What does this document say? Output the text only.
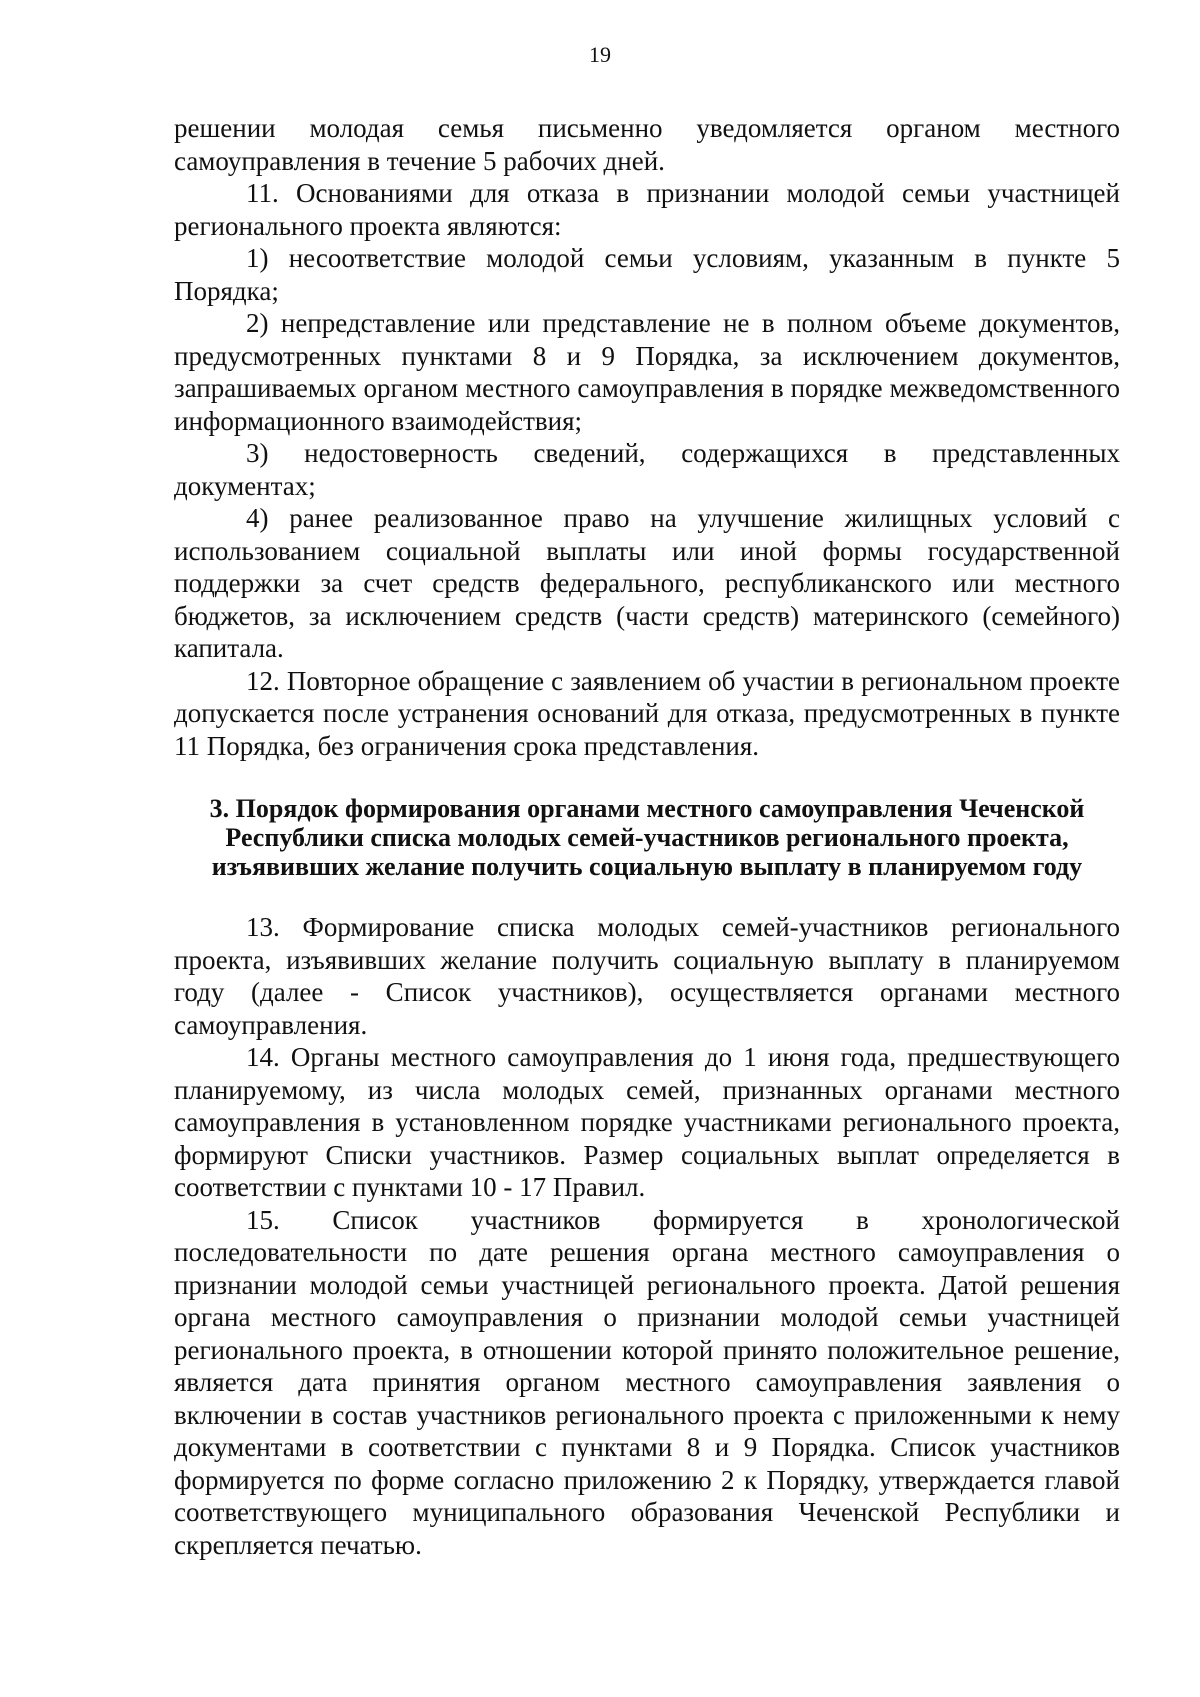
19

решении молодая семья письменно уведомляется органом местного самоуправления в течение 5 рабочих дней.

11. Основаниями для отказа в признании молодой семьи участницей регионального проекта являются:

1) несоответствие молодой семьи условиям, указанным в пункте 5 Порядка;

2) непредставление или представление не в полном объеме документов, предусмотренных пунктами 8 и 9 Порядка, за исключением документов, запрашиваемых органом местного самоуправления в порядке межведомственного информационного взаимодействия;

3) недостоверность сведений, содержащихся в представленных документах;

4) ранее реализованное право на улучшение жилищных условий с использованием социальной выплаты или иной формы государственной поддержки за счет средств федерального, республиканского или местного бюджетов, за исключением средств (части средств) материнского (семейного) капитала.

12. Повторное обращение с заявлением об участии в региональном проекте допускается после устранения оснований для отказа, предусмотренных в пункте 11 Порядка, без ограничения срока представления.

3. Порядок формирования органами местного самоуправления Чеченской Республики списка молодых семей-участников регионального проекта, изъявивших желание получить социальную выплату в планируемом году

13. Формирование списка молодых семей-участников регионального проекта, изъявивших желание получить социальную выплату в планируемом году (далее - Список участников), осуществляется органами местного самоуправления.

14. Органы местного самоуправления до 1 июня года, предшествующего планируемому, из числа молодых семей, признанных органами местного самоуправления в установленном порядке участниками регионального проекта, формируют Списки участников. Размер социальных выплат определяется в соответствии с пунктами 10 - 17 Правил.

15. Список участников формируется в хронологической последовательности по дате решения органа местного самоуправления о признании молодой семьи участницей регионального проекта. Датой решения органа местного самоуправления о признании молодой семьи участницей регионального проекта, в отношении которой принято положительное решение, является дата принятия органом местного самоуправления заявления о включении в состав участников регионального проекта с приложенными к нему документами в соответствии с пунктами 8 и 9 Порядка. Список участников формируется по форме согласно приложению 2 к Порядку, утверждается главой соответствующего муниципального образования Чеченской Республики и скрепляется печатью.
